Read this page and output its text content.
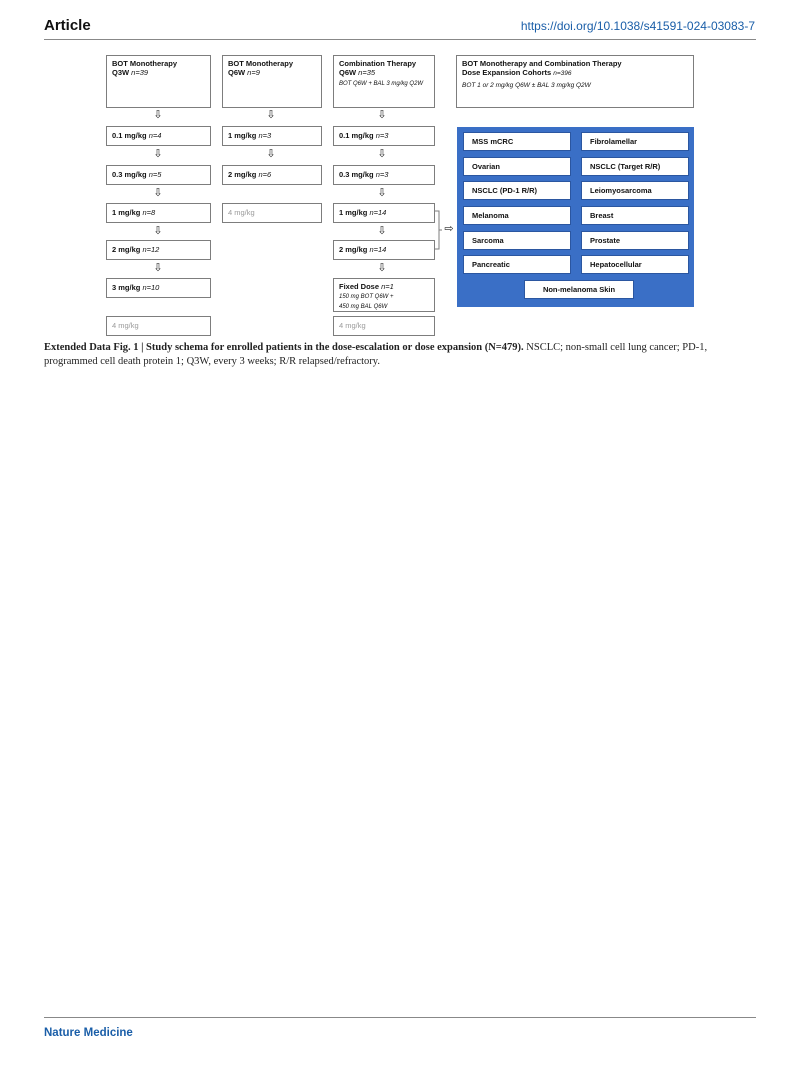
Article	https://doi.org/10.1038/s41591-024-03083-7
BOT Monotherapy
Q3W n=39
⇩
0.1 mg/kg n=4
⇩
0.3 mg/kg n=5
⇩
1 mg/kg n=8
⇩
2 mg/kg n=12
⇩
3 mg/kg n=10
4 mg/kg
BOT Monotherapy
Q6W n=9
⇩
1 mg/kg n=3
⇩
2 mg/kg n=6
4 mg/kg
Combination Therapy
Q6W n=35
BOT Q6W + BAL 3 mg/kg Q2W
⇩
0.1 mg/kg n=3
⇩
0.3 mg/kg n=3
⇩
1 mg/kg n=14
⇩
2 mg/kg n=14
⇩
Fixed Dose n=1
150 mg BOT Q6W +
450 mg BAL Q6W
4 mg/kg
⇨
BOT Monotherapy and Combination Therapy
Dose Expansion Cohorts n=396
BOT 1 or 2 mg/kg Q6W ± BAL 3 mg/kg Q2W
MSS mCRC
Ovarian
NSCLC (PD-1 R/R)
Melanoma
Sarcoma
Pancreatic
Fibrolamellar
NSCLC (Target R/R)
Leiomyosarcoma
Breast
Prostate
Hepatocellular
Non-melanoma Skin
Extended Data Fig. 1 | Study schema for enrolled patients in the dose-escalation or dose expansion (N=479). NSCLC; non-small cell lung cancer; PD-1, programmed cell death protein 1; Q3W, every 3 weeks; R/R relapsed/refractory.
Nature Medicine
